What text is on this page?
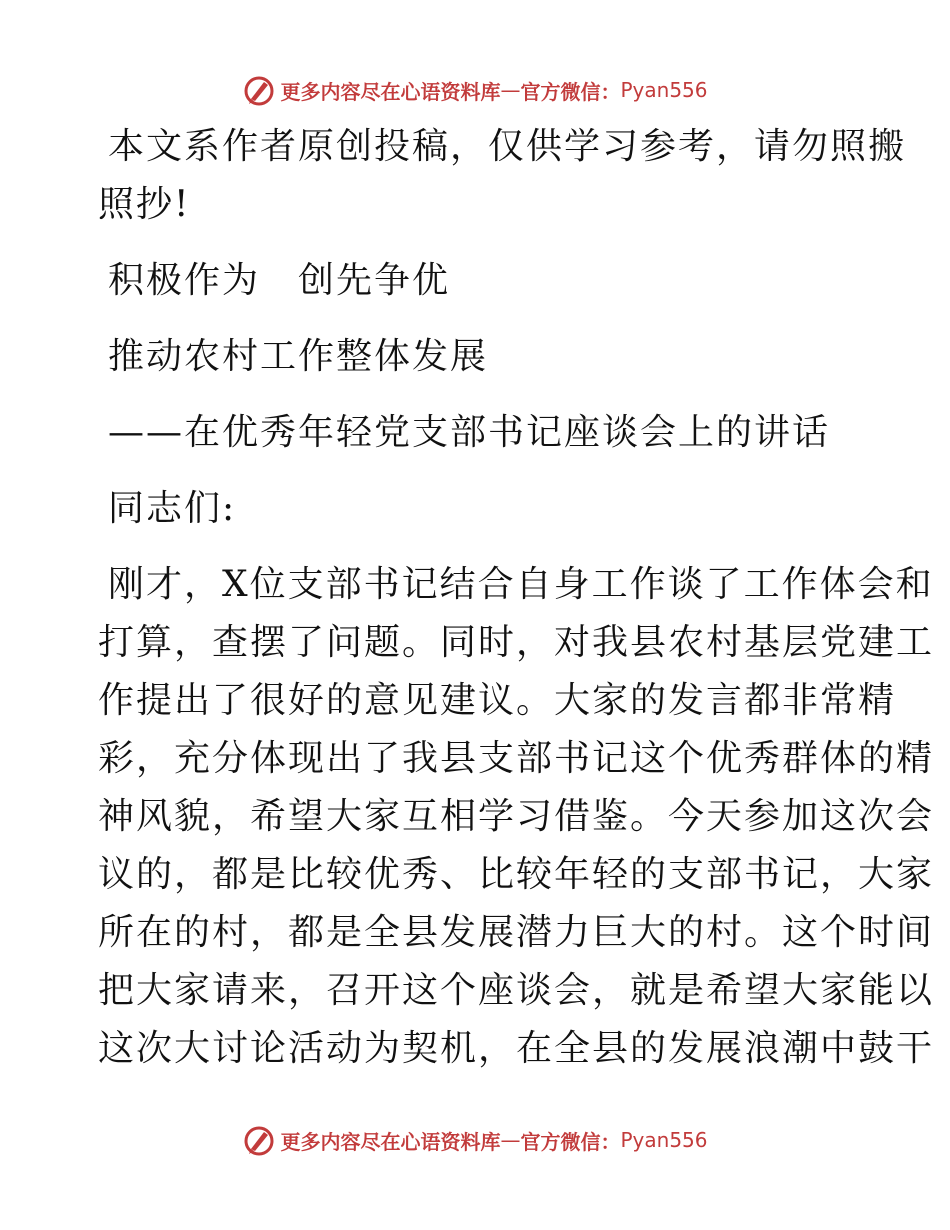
更多内容尽在心语资料库 — 官方微信： Pyan556
本文系作者原创投稿，仅供学习参考，请勿照搬
照抄!
积极作为　创先争优
推动农村工作整体发展
——在优秀年轻党支部书记座谈会上的讲话
同志们:
刚才，X位支部书记结合自身工作谈了工作体会和
打算，查摆了问题。同时，对我县农村基层党建工
作提出了很好的意见建议。大家的发言都非常精
彩，充分体现出了我县支部书记这个优秀群体的精
神风貌，希望大家互相学习借鉴。今天参加这次会
议的，都是比较优秀、比较年轻的支部书记，大家
所在的村，都是全县发展潜力巨大的村。这个时间
把大家请来，召开这个座谈会，就是希望大家能以
这次大讨论活动为契机，在全县的发展浪潮中鼓干
更多内容尽在心语资料库 — 官方微信： Pyan556
